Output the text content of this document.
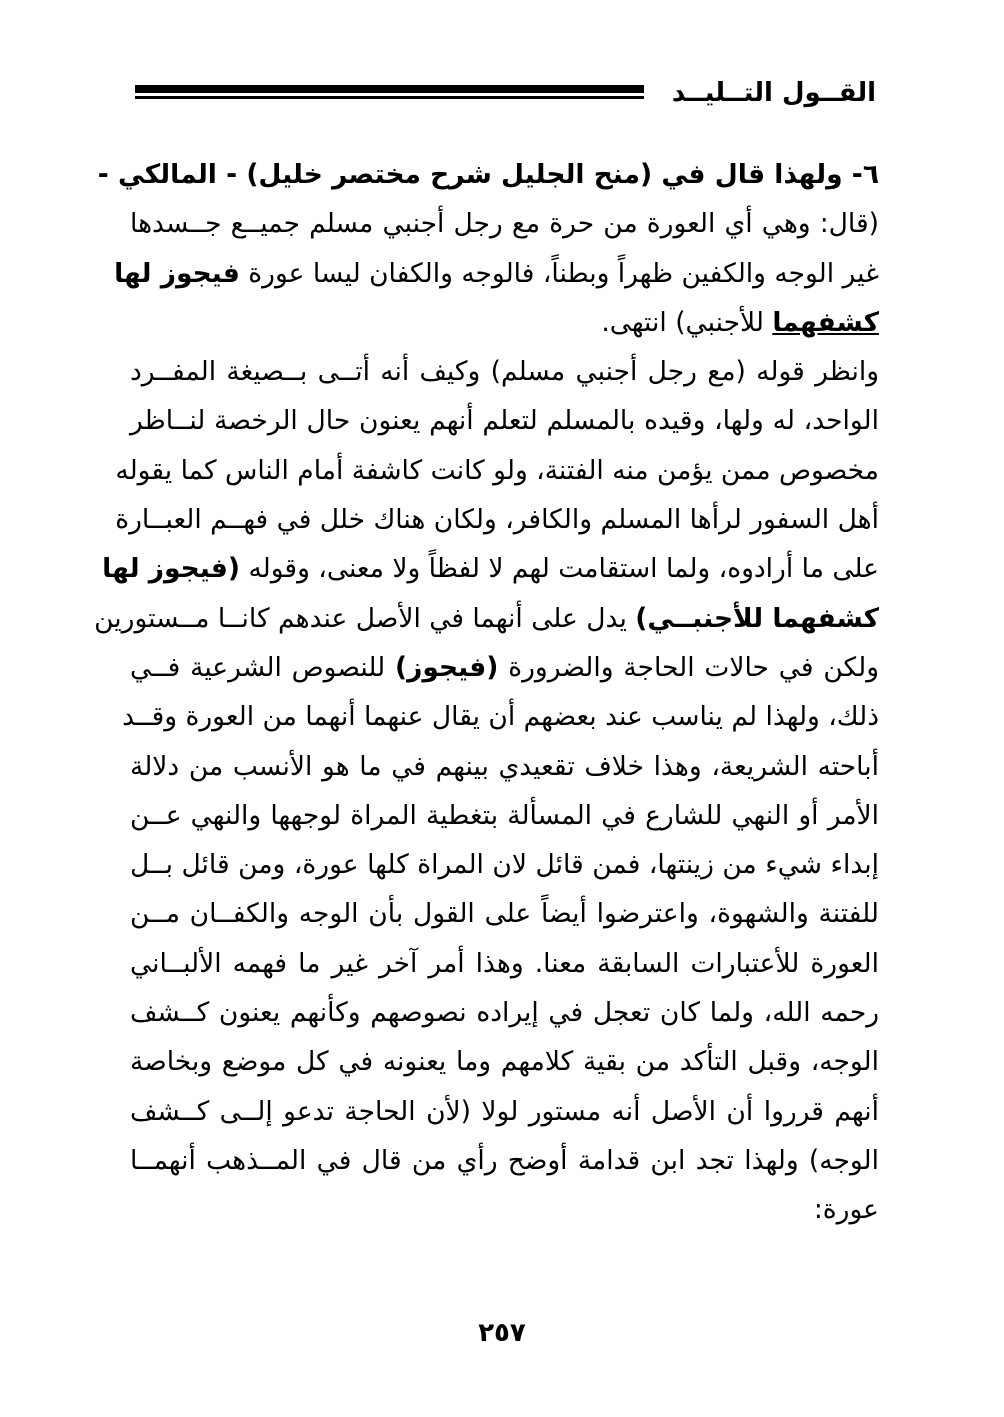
القــول التــليــد
٦- ولهذا قال في (منح الجليل شرح مختصر خليل) - المالكي -
(قال: وهي أي العورة من حرة مع رجل أجنبي مسلم جميــع جــسدها
غير الوجه والكفين ظهراً وبطناً، فالوجه والكفان ليسا عورة فيجوز لها
كشفهما للأجنبي) انتهى.
وانظر قوله (مع رجل أجنبي مسلم) وكيف أنه أتــى بــصيغة المفــرد
الواحد، له ولها، وقيده بالمسلم لتعلم أنهم يعنون حال الرخصة لنــاظر
مخصوص ممن يؤمن منه الفتنة، ولو كانت كاشفة أمام الناس كما يقوله
أهل السفور لرأها المسلم والكافر، ولكان هناك خلل في فهــم العبــارة
على ما أرادوه، ولما استقامت لهم لا لفظاً ولا معنى، وقوله (فيجوز لها
كشفهما للأجنبــي) يدل على أنهما في الأصل عندهم كانــا مــستورين
ولكن في حالات الحاجة والضرورة (فيجوز) للنصوص الشرعية فــي
ذلك، ولهذا لم يناسب عند بعضهم أن يقال عنهما أنهما من العورة وقــد
أباحته الشريعة، وهذا خلاف تقعيدي بينهم في ما هو الأنسب من دلالة
الأمر أو النهي للشارع في المسألة بتغطية المراة لوجهها والنهي عــن
إبداء شيء من زينتها، فمن قائل لان المراة كلها عورة، ومن قائل بــل
للفتنة والشهوة، واعترضوا أيضاً على القول بأن الوجه والكفــان مــن
العورة للأعتبارات السابقة معنا. وهذا أمر آخر غير ما فهمه الألبــاني
رحمه الله، ولما كان تعجل في إيراده نصوصهم وكأنهم يعنون كــشف
الوجه، وقبل التأكد من بقية كلامهم وما يعنونه في كل موضع وبخاصة
أنهم قرروا أن الأصل أنه مستور لولا (لأن الحاجة تدعو إلــى كــشف
الوجه) ولهذا تجد ابن قدامة أوضح رأي من قال في المــذهب أنهمــا
عورة:
٢٥٧
